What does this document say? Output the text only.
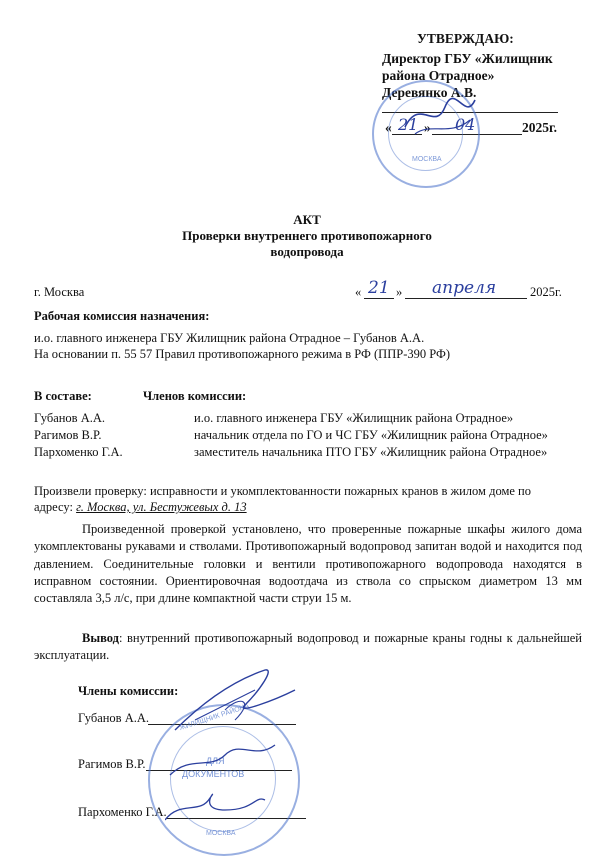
УТВЕРЖДАЮ:
Директор ГБУ «Жилищник
района Отрадное»
Деревянко А.В.
« 21 » 04	2025г.
МОСКВА
АКТ
Проверки внутреннего противопожарного
водопровода
г. Москва	« 21 » апреля	2025г.
Рабочая комиссия назначения:
и.о. главного инженера ГБУ Жилищник района Отрадное – Губанов А.А.
На основании п. 55 57 Правил противопожарного режима в РФ (ППР-390 РФ)
В составе:	Членов комиссии:
Губанов А.А.	и.о. главного инженера ГБУ «Жилищник района Отрадное»
Рагимов В.Р.	начальник отдела по ГО и ЧС ГБУ «Жилищник района Отрадное»
Пархоменко Г.А.	заместитель начальника ПТО ГБУ «Жилищник района Отрадное»
Произвели проверку: исправности и укомплектованности пожарных кранов в жилом доме по
адресу: г. Москва, ул. Бестужевых д. 13
Произведенной проверкой установлено, что проверенные пожарные шкафы жилого дома укомплектованы рукавами и стволами. Противопожарный водопровод запитан водой и находится под давлением. Соединительные головки и вентили противопожарного водопровода находятся в исправном состоянии. Ориентировочная водоотдача из ствола со спрыском диаметром 13 мм составляла 3,5 л/с, при длине компактной части струи 15 м.
Вывод: внутренний противопожарный водопровод и пожарные краны годны к дальнейшей эксплуатации.
Члены комиссии:
Губанов А.А.
Рагимов В.Р.
Пархоменко Г.А.
ДЛЯ
ДОКУМЕНТОВ
ЖИЛИЩНИК РАЙОНА
МОСКВА
